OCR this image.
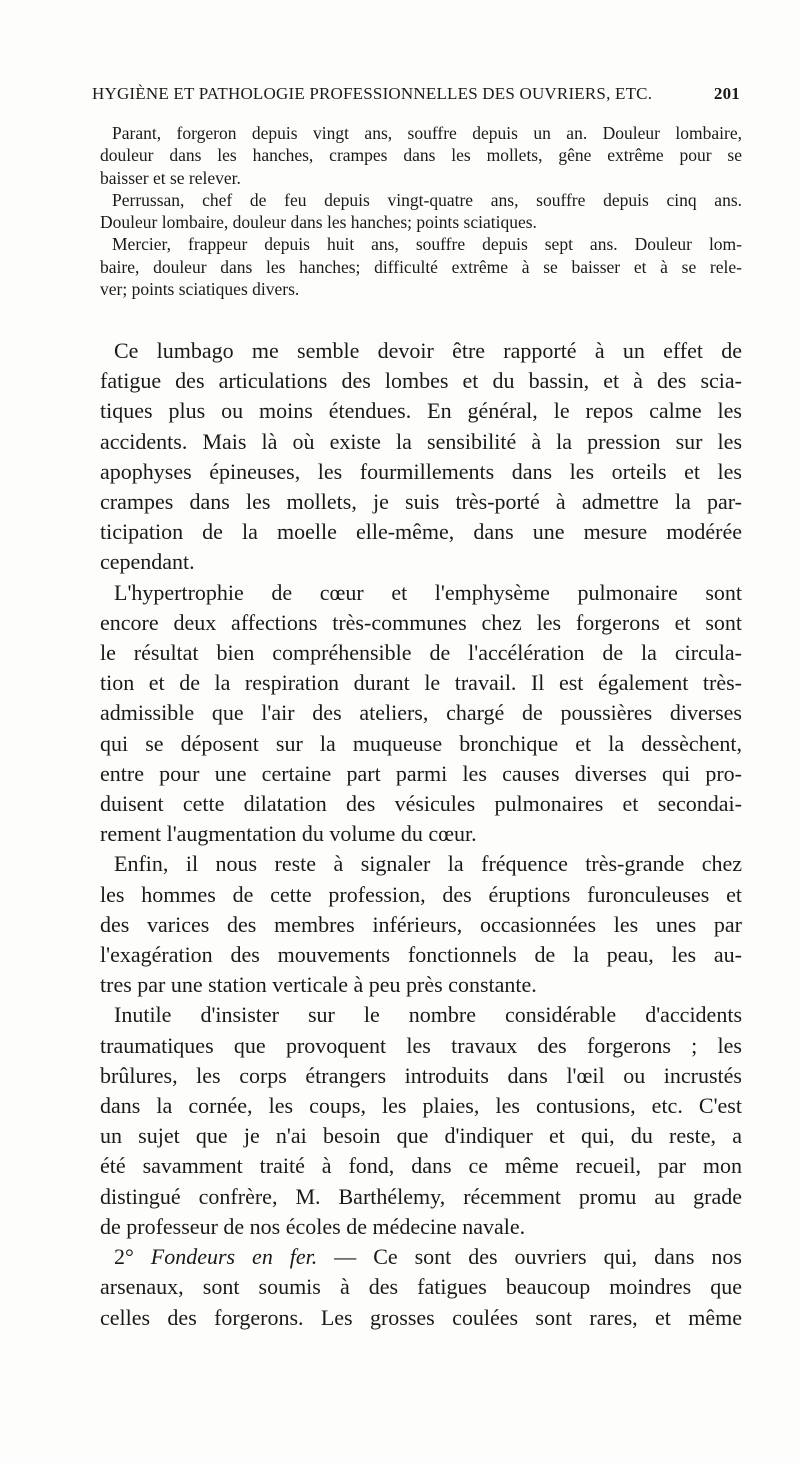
HYGIÈNE ET PATHOLOGIE PROFESSIONNELLES DES OUVRIERS, ETC.	201
Parant, forgeron depuis vingt ans, souffre depuis un an. Douleur lombaire,
douleur dans les hanches, crampes dans les mollets, gêne extrême pour se
baisser et se relever.
Perrussan, chef de feu depuis vingt-quatre ans, souffre depuis cinq ans.
Douleur lombaire, douleur dans les hanches; points sciatiques.
Mercier, frappeur depuis huit ans, souffre depuis sept ans. Douleur lom-
baire, douleur dans les hanches; difficulté extrême à se baisser et à se rele-
ver; points sciatiques divers.
Ce lumbago me semble devoir être rapporté à un effet de
fatigue des articulations des lombes et du bassin, et à des scia-
tiques plus ou moins étendues. En général, le repos calme les
accidents. Mais là où existe la sensibilité à la pression sur les
apophyses épineuses, les fourmillements dans les orteils et les
crampes dans les mollets, je suis très-porté à admettre la par-
ticipation de la moelle elle-même, dans une mesure modérée
cependant.
L'hypertrophie de cœur et l'emphysème pulmonaire sont
encore deux affections très-communes chez les forgerons et sont
le résultat bien compréhensible de l'accélération de la circula-
tion et de la respiration durant le travail. Il est également très-
admissible que l'air des ateliers, chargé de poussières diverses
qui se déposent sur la muqueuse bronchique et la dessèchent,
entre pour une certaine part parmi les causes diverses qui pro-
duisent cette dilatation des vésicules pulmonaires et secondai-
rement l'augmentation du volume du cœur.
Enfin, il nous reste à signaler la fréquence très-grande chez
les hommes de cette profession, des éruptions furonculeuses et
des varices des membres inférieurs, occasionnées les unes par
l'exagération des mouvements fonctionnels de la peau, les au-
tres par une station verticale à peu près constante.
Inutile d'insister sur le nombre considérable d'accidents
traumatiques que provoquent les travaux des forgerons ; les
brûlures, les corps étrangers introduits dans l'œil ou incrustés
dans la cornée, les coups, les plaies, les contusions, etc. C'est
un sujet que je n'ai besoin que d'indiquer et qui, du reste, a
été savamment traité à fond, dans ce même recueil, par mon
distingué confrère, M. Barthélemy, récemment promu au grade
de professeur de nos écoles de médecine navale.
2° Fondeurs en fer. — Ce sont des ouvriers qui, dans nos
arsenaux, sont soumis à des fatigues beaucoup moindres que
celles des forgerons. Les grosses coulées sont rares, et même
